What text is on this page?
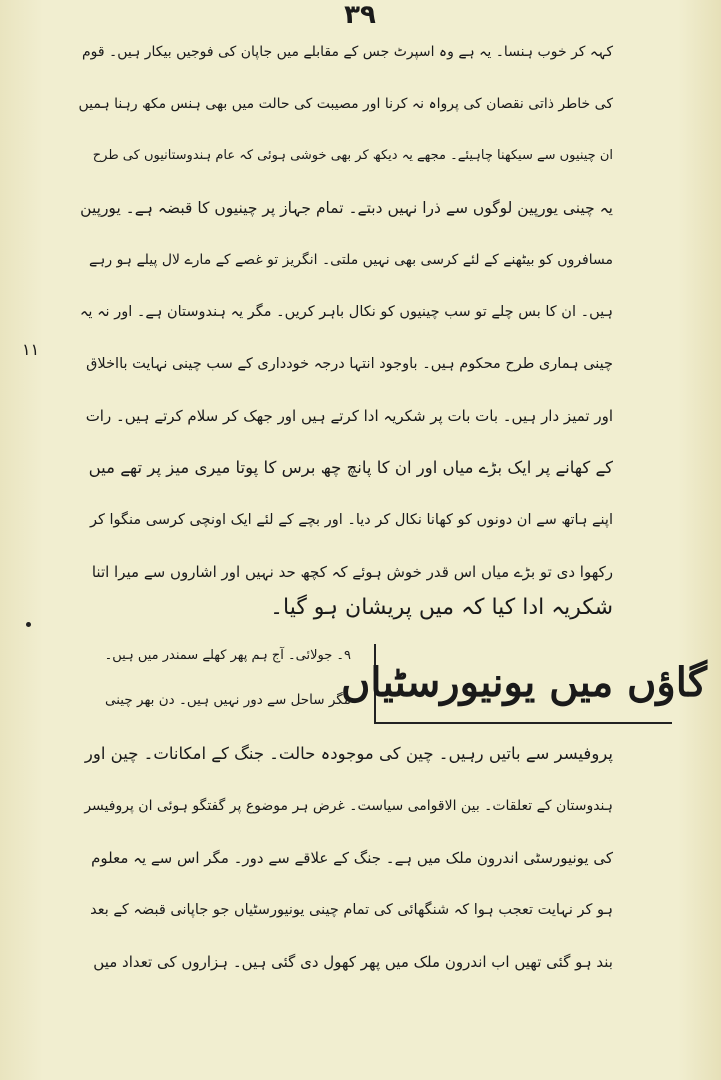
۳۹
۱۱
کہہ کر خوب ہنسا۔ یہ ہے وہ اسپرٹ جس کے مقابلے میں جاپان کی فوجیں بیکار ہیں۔ قوم
کی خاطر ذاتی نقصان کی پرواہ نہ کرنا اور مصیبت کی حالت میں بھی ہنس مکھ رہنا ہمیں
ان چینیوں سے سیکھنا چاہیئے۔ مجھے یہ دیکھ کر بھی خوشی ہوئی کہ عام ہندوستانیوں کی طرح
یہ چینی یورپین لوگوں سے ذرا نہیں دبتے۔ تمام جہاز پر چینیوں کا قبضہ ہے۔ یورپین
مسافروں کو بیٹھنے کے لئے کرسی بھی نہیں ملتی۔ انگریز تو غصے کے مارے لال پیلے ہو رہے
ہیں۔ ان کا بس چلے تو سب چینیوں کو نکال باہر کریں۔ مگر یہ ہندوستان ہے۔ اور نہ یہ
چینی ہماری طرح محکوم ہیں۔ باوجود انتہا درجہ خودداری کے سب چینی نہایت بااخلاق
اور تمیز دار ہیں۔ بات بات پر شکریہ ادا کرتے ہیں اور جھک کر سلام کرتے ہیں۔ رات
کے کھانے پر ایک بڑے میاں اور ان کا پانچ چھ برس کا پوتا میری میز پر تھے میں
اپنے ہاتھ سے ان دونوں کو کھانا نکال کر دیا۔ اور بچے کے لئے ایک اونچی کرسی منگوا کر
رکھوا دی تو بڑے میاں اس قدر خوش ہوئے کہ کچھ حد نہیں اور اشاروں سے میرا اتنا
شکریہ ادا کیا کہ میں پریشان ہو گیا۔
گاؤں میں یونیورسٹیاں
۹۔ جولائی۔ آج ہم پھر کھلے سمندر میں ہیں۔
مگر ساحل سے دور نہیں ہیں۔ دن بھر چینی
پروفیسر سے باتیں رہیں۔ چین کی موجودہ حالت۔ جنگ کے امکانات۔ چین اور
ہندوستان کے تعلقات۔ بین الاقوامی سیاست۔ غرض ہر موضوع پر گفتگو ہوئی ان پروفیسر
کی یونیورسٹی اندرون ملک میں ہے۔ جنگ کے علاقے سے دور۔ مگر اس سے یہ معلوم
ہو کر نہایت تعجب ہوا کہ شنگھائی کی تمام چینی یونیورسٹیاں جو جاپانی قبضہ کے بعد
بند ہو گئی تھیں اب اندرون ملک میں پھر کھول دی گئی ہیں۔ ہزاروں کی تعداد میں
